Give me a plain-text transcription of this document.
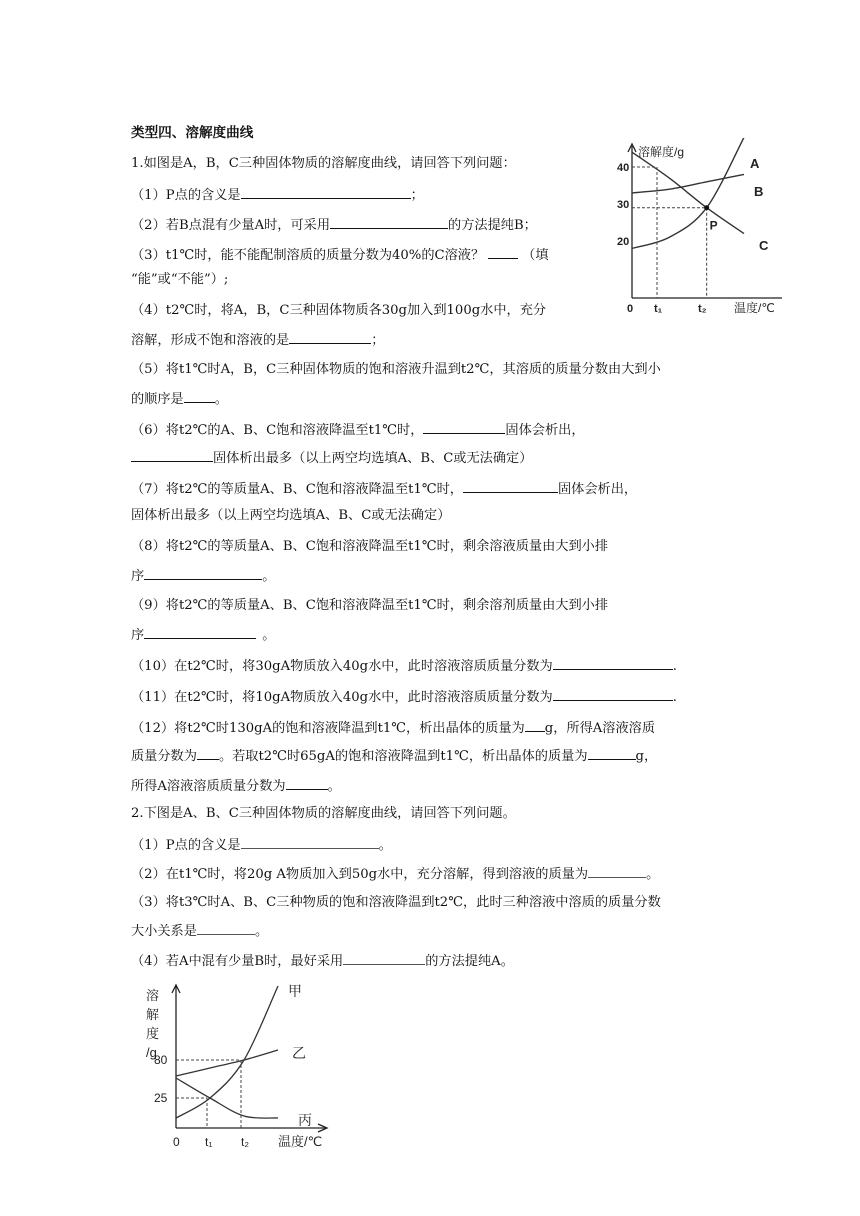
类型四、溶解度曲线
1.如图是A，B，C三种固体物质的溶解度曲线，请回答下列问题：
（1）P点的含义是	；
（2）若B点混有少量A时，可采用	的方法提纯B；
（3）t1℃时，能不能配制溶质的质量分数为40%的C溶液？	（填
“能”或“不能”）;
（4）t2℃时，将A，B，C三种固体物质各30g加入到100g水中，充分
溶解，形成不饱和溶液的是	；
（5）将t1℃时A，B，C三种固体物质的饱和溶液升温到t2℃，其溶质的质量分数由大到小
的顺序是 。
（6）将t2℃的A、B、C饱和溶液降温至t1℃时，	固体会析出，
固体析出最多（以上两空均选填A、B、C或无法确定）
（7）将t2℃的等质量A、B、C饱和溶液降温至t1℃时，	固体会析出，
固体析出最多（以上两空均选填A、B、C或无法确定）
（8）将t2℃的等质量A、B、C饱和溶液降温至t1℃时，剩余溶液质量由大到小排
序	。
（9）将t2℃的等质量A、B、C饱和溶液降温至t1℃时，剩余溶剂质量由大到小排
序	。
（10）在t2℃时，将30gA物质放入40g水中，此时溶液溶质质量分数为	.
（11）在t2℃时，将10gA物质放入40g水中，此时溶液溶质质量分数为	.
（12）将t2℃时130gA的饱和溶液降温到t1℃，析出晶体的质量为 g，所得A溶液溶质
质量分数为 。若取t2℃时65gA的饱和溶液降温到t1℃，析出晶体的质量为	g，
所得A溶液溶质质量分数为	。
2.下图是A、B、C三种固体物质的溶解度曲线，请回答下列问题。
（1）P点的含义是	。
（2）在t1℃时，将20g A物质加入到50g水中，充分溶解，得到溶液的质量为	。
（3）将t3℃时A、B、C三种物质的饱和溶液降温到t2℃，此时三种溶液中溶质的质量分数
大小关系是	。
（4）若A中混有少量B时，最好采用	的方法提纯A。
溶解度/g
温度/℃
0 t₁	t₂
20
30
40	A
B
C
P
溶
解
度
/g
温度/℃
0 t₁ t₂
25
80
甲
乙
丙
